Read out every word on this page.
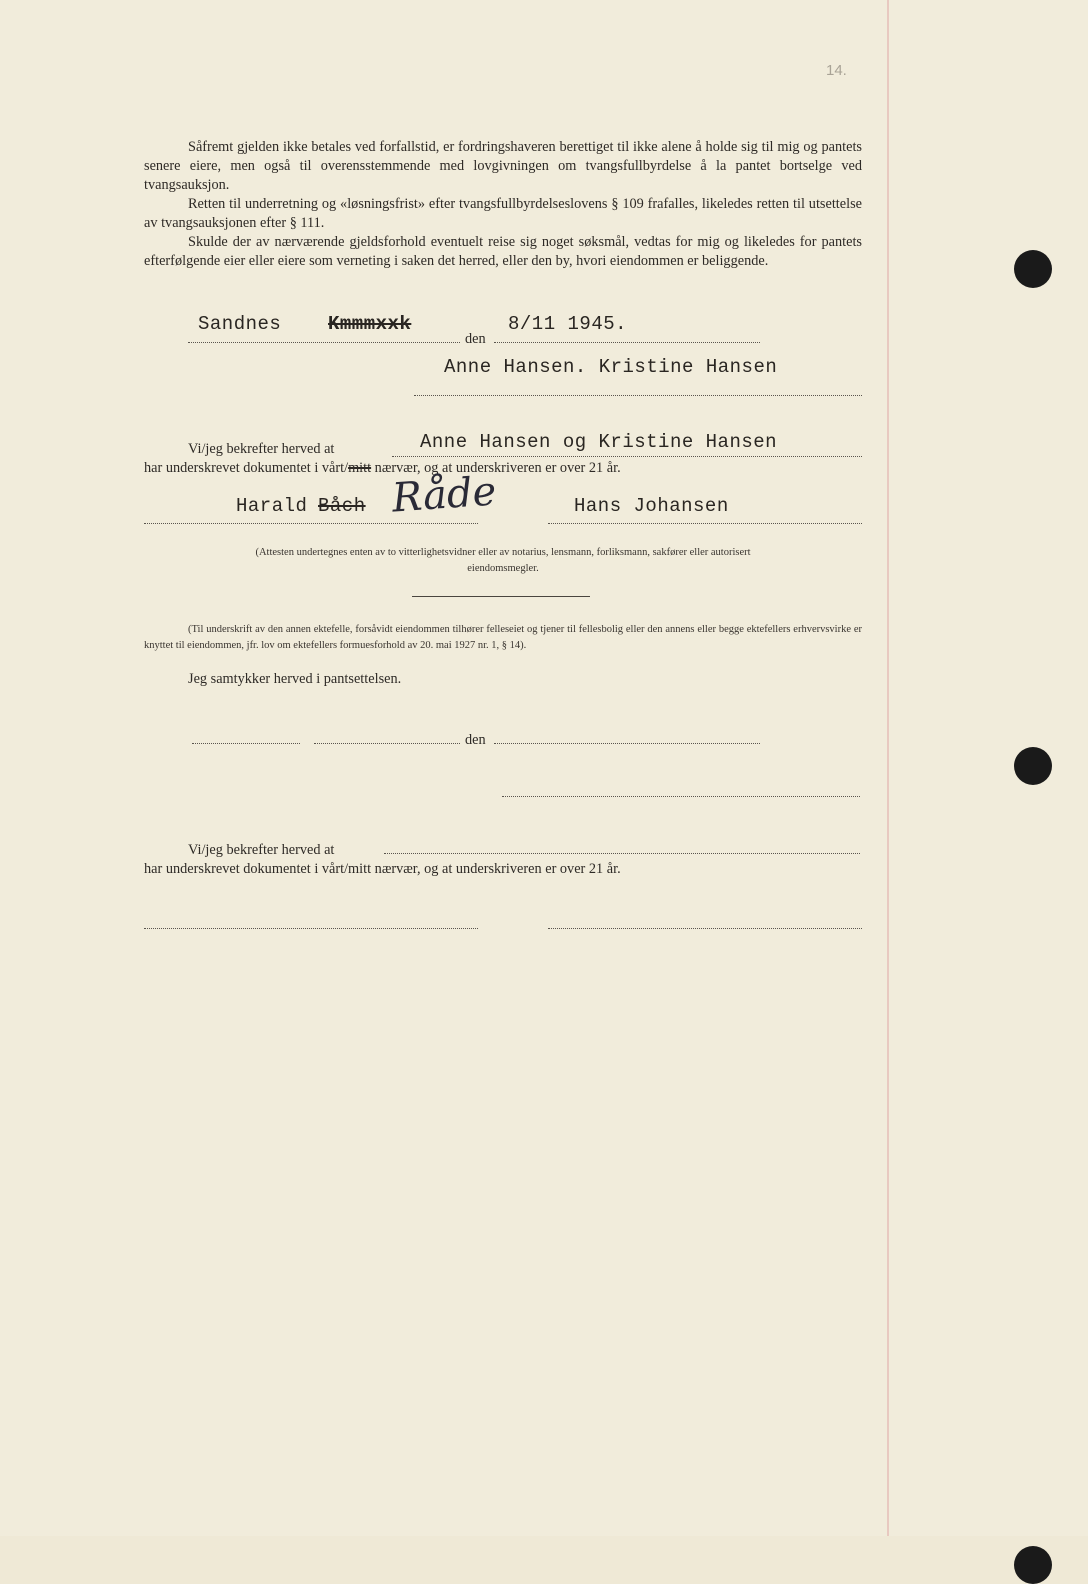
14.
Såfremt gjelden ikke betales ved forfallstid, er fordringshaveren berettiget til ikke alene å holde sig til mig og pantets senere eiere, men også til overensstemmende med lovgivningen om tvangsfullbyrdelse å la pantet bortselge ved tvangsauksjon.
Retten til underretning og «løsningsfrist» efter tvangsfullbyrdelseslovens § 109 frafalles, likeledes retten til utsettelse av tvangsauksjonen efter § 111.
Skulde der av nærværende gjeldsforhold eventuelt reise sig noget søksmål, vedtas for mig og likeledes for pantets efterfølgende eier eller eiere som verneting i saken det herred, eller den by, hvori eiendommen er beliggende.
Sandnes Kmmmxxk
den
8/11 1945.
Anne Hansen. Kristine Hansen
Vi/jeg bekrefter herved at	Anne Hansen og Kristine Hansen
har underskrevet dokumentet i vårt/mitt nærvær, og at underskriveren er over 21 år.
Harald Båch Råde	Hans Johansen
(Attesten undertegnes enten av to vitterlighetsvidner eller av notarius, lensmann, forliksmann, sakfører eller autorisert eiendomsmegler.
(Til underskrift av den annen ektefelle, forsåvidt eiendommen tilhører felleseiet og tjener til fellesbolig eller den annens eller begge ektefellers erhvervsvirke er knyttet til eiendommen, jfr. lov om ektefellers formuesforhold av 20. mai 1927 nr. 1, § 14).
Jeg samtykker herved i pantsettelsen.
den
Vi/jeg bekrefter herved at
har underskrevet dokumentet i vårt/mitt nærvær, og at underskriveren er over 21 år.
